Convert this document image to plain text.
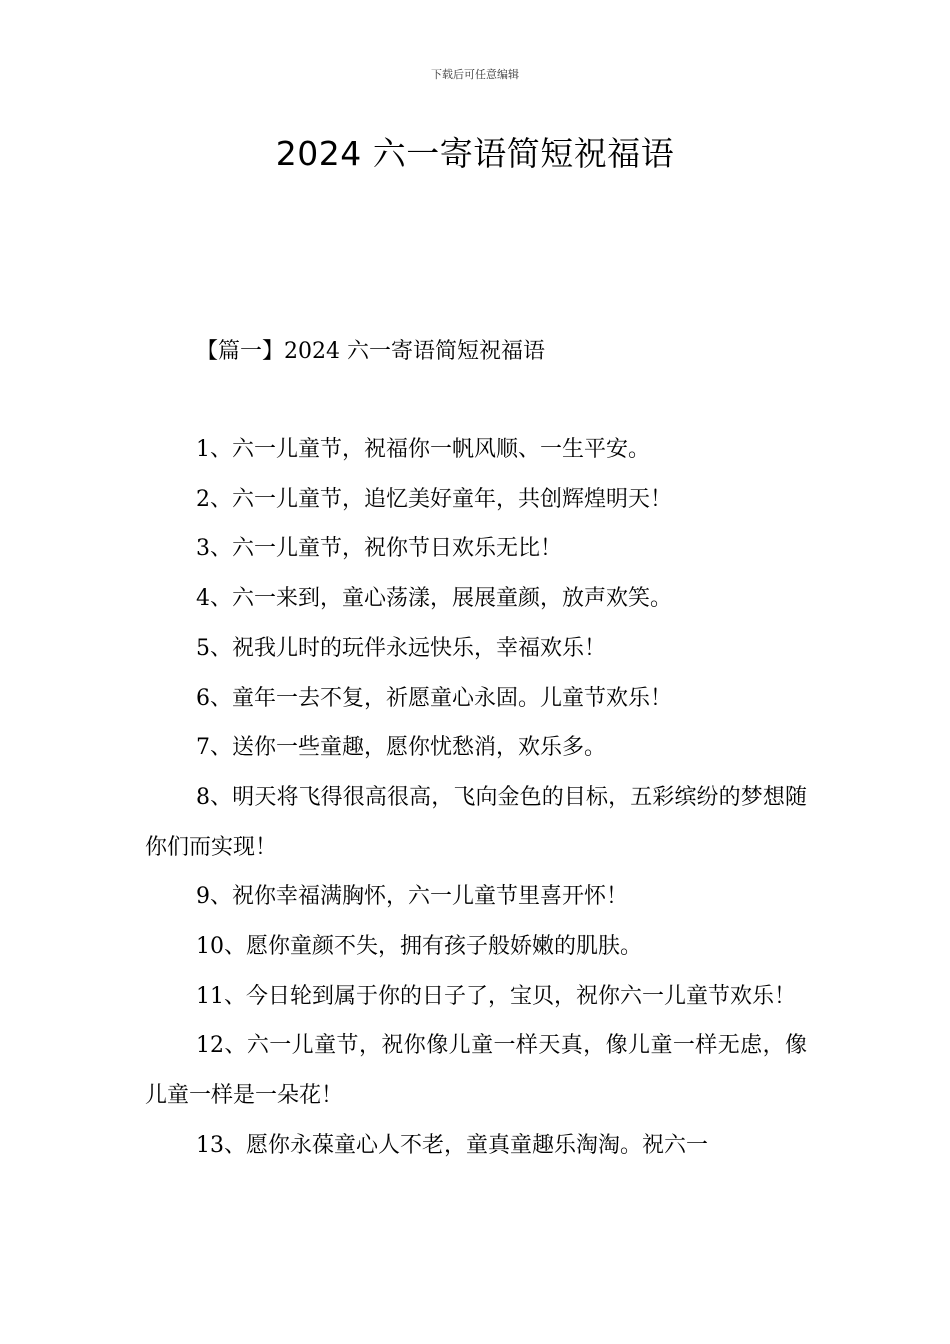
下载后可任意编辑
2024 六一寄语简短祝福语
【篇一】2024 六一寄语简短祝福语

1、六一儿童节，祝福你一帆风顺、一生平安。

2、六一儿童节，追忆美好童年，共创辉煌明天！

3、六一儿童节，祝你节日欢乐无比！

4、六一来到，童心荡漾，展展童颜，放声欢笑。

5、祝我儿时的玩伴永远快乐，幸福欢乐！

6、童年一去不复，祈愿童心永固。儿童节欢乐！

7、送你一些童趣，愿你忧愁消，欢乐多。

8、明天将飞得很高很高，飞向金色的目标，五彩缤纷的梦想随你们而实现！

9、祝你幸福满胸怀，六一儿童节里喜开怀！

10、愿你童颜不失，拥有孩子般娇嫩的肌肤。

11、今日轮到属于你的日子了，宝贝，祝你六一儿童节欢乐！

12、六一儿童节，祝你像儿童一样天真，像儿童一样无虑，像儿童一样是一朵花！

13、愿你永葆童心人不老，童真童趣乐淘淘。祝六一
